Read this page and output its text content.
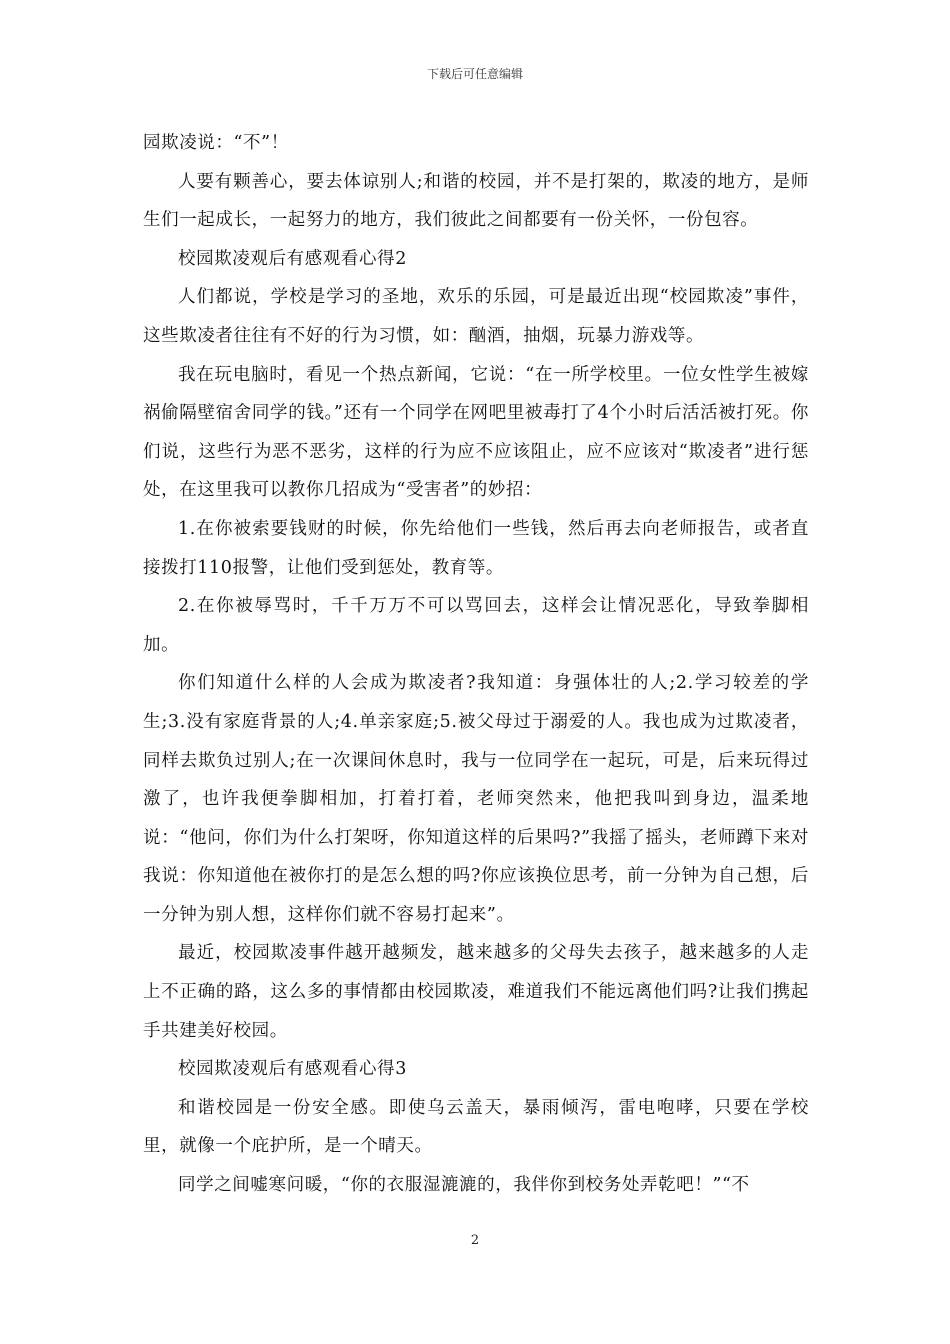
下载后可任意编辑

园欺凌说：“不”！

人要有颗善心，要去体谅别人;和谐的校园，并不是打架的，欺凌的地方，是师生们一起成长，一起努力的地方，我们彼此之间都要有一份关怀，一份包容。

校园欺凌观后有感观看心得2

人们都说，学校是学习的圣地，欢乐的乐园，可是最近出现“校园欺凌”事件，这些欺凌者往往有不好的行为习惯，如：酗酒，抽烟，玩暴力游戏等。

我在玩电脑时，看见一个热点新闻，它说：“在一所学校里。一位女性学生被嫁祸偷隔壁宿舍同学的钱。”还有一个同学在网吧里被毒打了4个小时后活活被打死。你们说，这些行为恶不恶劣，这样的行为应不应该阻止，应不应该对“欺凌者”进行惩处，在这里我可以教你几招成为“受害者”的妙招：

1.在你被索要钱财的时候，你先给他们一些钱，然后再去向老师报告，或者直接拨打110报警，让他们受到惩处，教育等。

2.在你被辱骂时，千千万万不可以骂回去，这样会让情况恶化，导致拳脚相加。

你们知道什么样的人会成为欺凌者?我知道：身强体壮的人;2.学习较差的学生;3.没有家庭背景的人;4.单亲家庭;5.被父母过于溺爱的人。我也成为过欺凌者，同样去欺负过别人;在一次课间休息时，我与一位同学在一起玩，可是，后来玩得过激了，也许我便拳脚相加，打着打着，老师突然来，他把我叫到身边，温柔地说：“他问，你们为什么打架呀，你知道这样的后果吗?”我摇了摇头，老师蹲下来对我说：你知道他在被你打的是怎么想的吗?你应该换位思考，前一分钟为自己想，后一分钟为别人想，这样你们就不容易打起来”。

最近，校园欺凌事件越开越频发，越来越多的父母失去孩子，越来越多的人走上不正确的路，这么多的事情都由校园欺凌，难道我们不能远离他们吗?让我们携起手共建美好校园。

校园欺凌观后有感观看心得3

和谐校园是一份安全感。即使乌云盖天，暴雨倾泻，雷电咆哮，只要在学校里，就像一个庇护所，是一个晴天。

同学之间嘘寒问暖，“你的衣服湿漉漉的，我伴你到校务处弄乾吧！”“不

2
